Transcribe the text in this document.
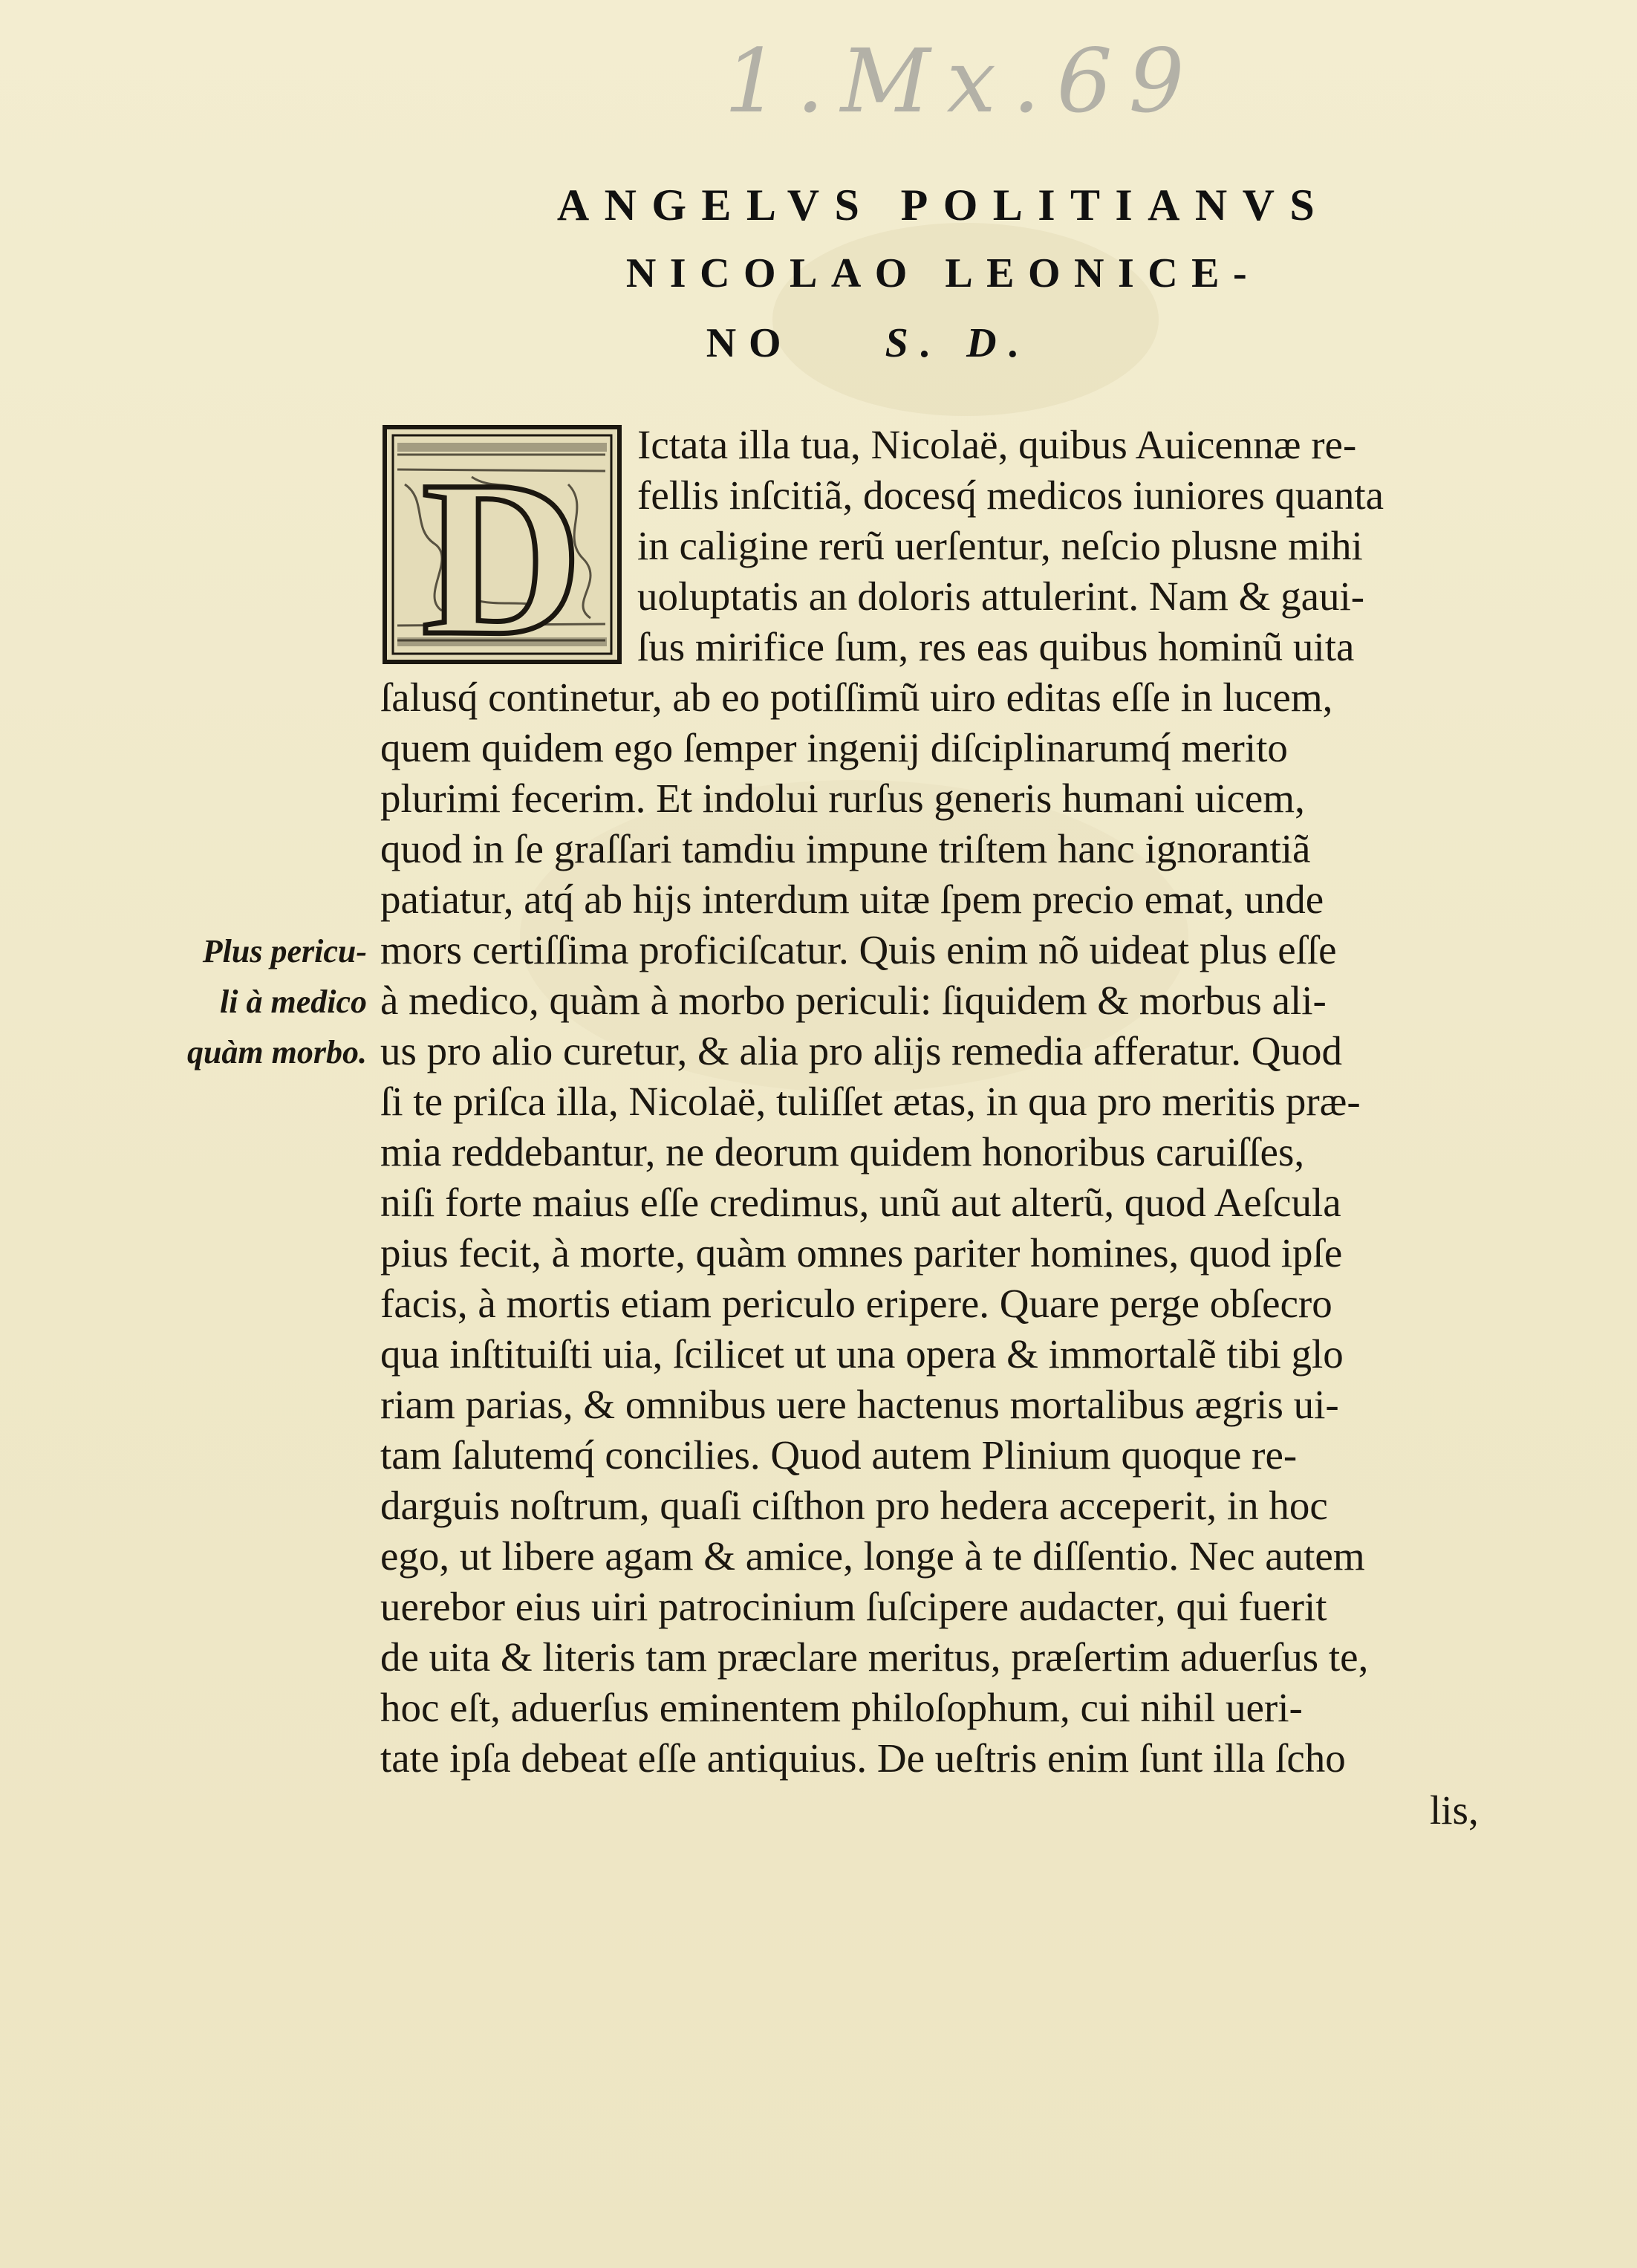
1.Mx.69
ANGELVS POLITIANVS
NICOLAO LEONICE-
NO S. D.
D Ictata illa tua, Nicolaë, quibus Auicennæ re-
fellis inſcitiã, docesq́ medicos iuniores quanta
in caligine rerũ uerſentur, neſcio plusne mihi
uoluptatis an doloris attulerint. Nam & gaui-
ſus mirifice ſum, res eas quibus hominũ uita
ſalusq́ continetur, ab eo potiſſimũ uiro editas eſſe in lucem,
quem quidem ego ſemper ingenij diſciplinarumq́ merito
plurimi fecerim. Et indolui rurſus generis humani uicem,
quod in ſe graſſari tamdiu impune triſtem hanc ignorantiã
patiatur, atq́ ab hijs interdum uitæ ſpem precio emat, unde
mors certiſſima proficiſcatur. Quis enim nõ uideat plus eſſe
à medico, quàm à morbo periculi: ſiquidem & morbus ali-
us pro alio curetur, & alia pro alijs remedia afferatur. Quod
ſi te priſca illa, Nicolaë, tuliſſet ætas, in qua pro meritis præ-
mia reddebantur, ne deorum quidem honoribus caruiſſes,
niſi forte maius eſſe credimus, unũ aut alterũ, quod Aeſcula
pius fecit, à morte, quàm omnes pariter homines, quod ipſe
facis, à mortis etiam periculo eripere. Quare perge obſecro
qua inſtituiſti uia, ſcilicet ut una opera & immortalẽ tibi glo
riam parias, & omnibus uere hactenus mortalibus ægris ui-
tam ſalutemq́ concilies. Quod autem Plinium quoque re-
darguis noſtrum, quaſi ciſthon pro hedera acceperit, in hoc
ego, ut libere agam & amice, longe à te diſſentio. Nec autem
uerebor eius uiri patrocinium ſuſcipere audacter, qui fuerit
de uita & literis tam præclare meritus, præſertim aduerſus te,
hoc eſt, aduerſus eminentem philoſophum, cui nihil ueri-
tate ipſa debeat eſſe antiquius. De ueſtris enim ſunt illa ſcho
lis,
Plus pericu-
li à medico
quàm morbo.
